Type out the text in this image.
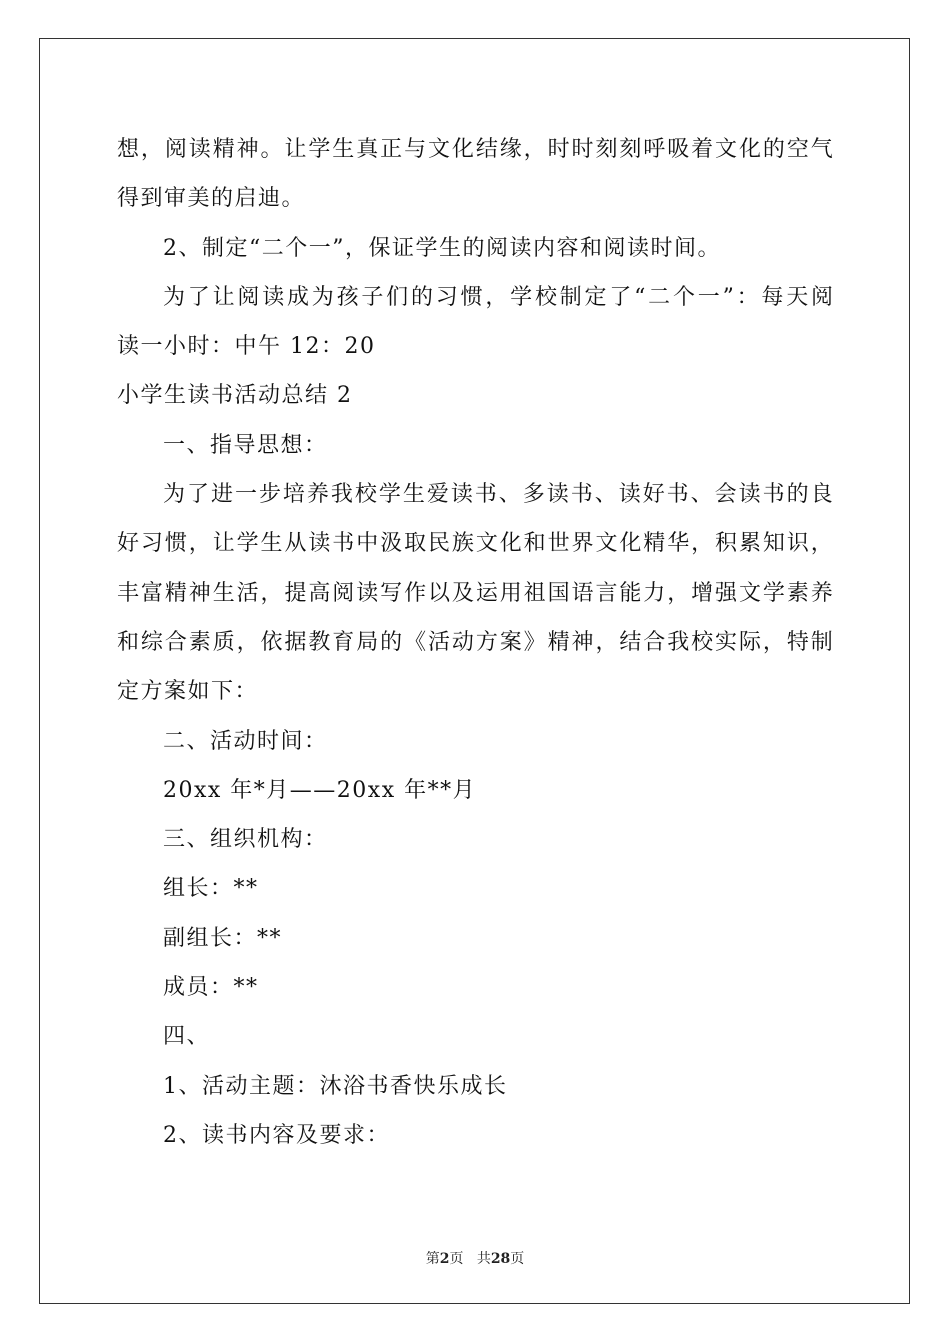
想 ， 阅 读 精 神 。 让 学 生 真 正 与 文 化 结 缘 ， 时 时 刻 刻 呼 吸 着 文 化 的 空 气
得到审美的启迪。
2、制定“二个一”，保证学生的阅读内容和阅读时间。
为 了 让 阅 读 成 为 孩 子 们 的 习 惯 ， 学 校 制 定 了 “ 二 个 一 ” ： 每 天 阅
读一小时：中午 12：20
小学生读书活动总结 2
一、指导思想：
为 了 进 一 步 培 养 我 校 学 生 爱 读 书 、 多 读 书 、 读 好 书 、 会 读 书 的 良
好 习 惯 ， 让 学 生 从 读 书 中 汲 取 民 族 文 化 和 世 界 文 化 精 华 ， 积 累 知 识 ，
丰 富 精 神 生 活 ， 提 高 阅 读 写 作 以 及 运 用 祖 国 语 言 能 力 ， 增 强 文 学 素 养
和 综 合 素 质 ， 依 据 教 育 局 的 《 活 动 方 案 》 精 神 ， 结 合 我 校 实 际 ， 特 制
定方案如下：
二、活动时间：
20xx 年*月——20xx 年**月
三、组织机构：
组长：**
副组长：**
成员：**
四、
1、活动主题：沐浴书香快乐成长
2、读书内容及要求：
第2页 共28页
